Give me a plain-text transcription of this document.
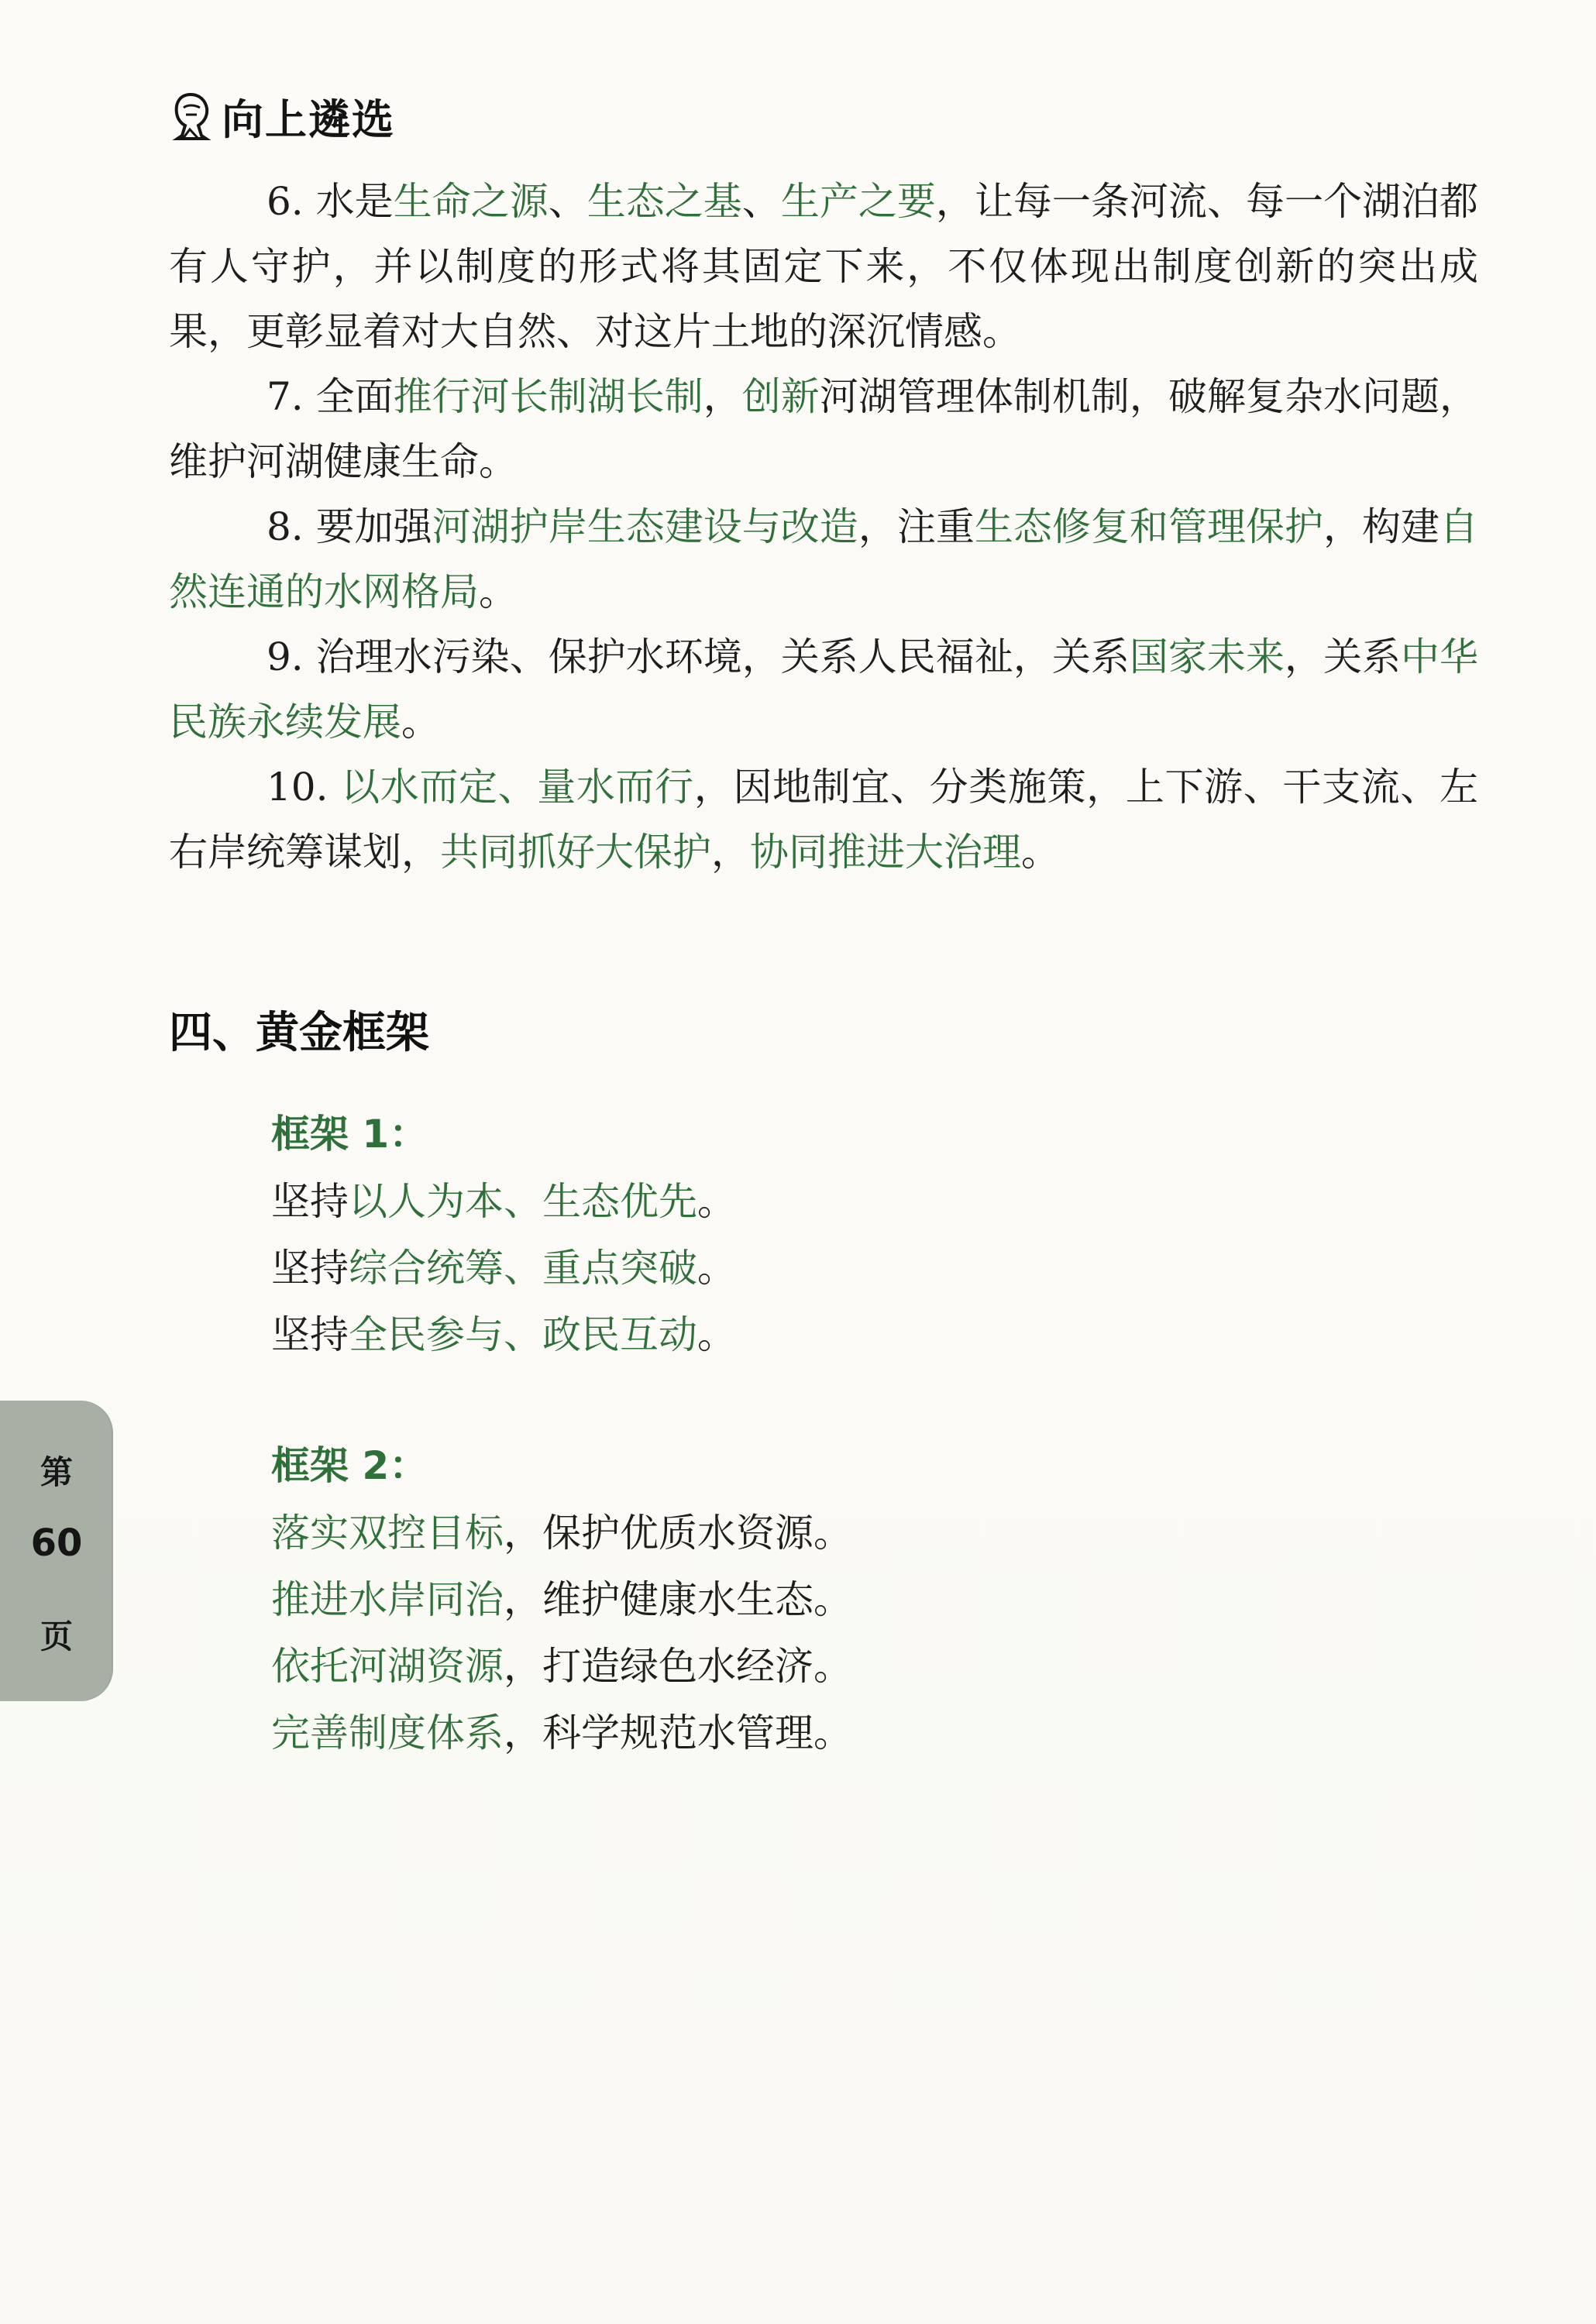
向上遴选

6. 水是生命之源、生态之基、生产之要，让每一条河流、每一个湖泊都有人守护，并以制度的形式将其固定下来，不仅体现出制度创新的突出成果，更彰显着对大自然、对这片土地的深沉情感。

7. 全面推行河长制湖长制，创新河湖管理体制机制，破解复杂水问题，维护河湖健康生命。

8. 要加强河湖护岸生态建设与改造，注重生态修复和管理保护，构建自然连通的水网格局。

9. 治理水污染、保护水环境，关系人民福祉，关系国家未来，关系中华民族永续发展。

10. 以水而定、量水而行，因地制宜、分类施策，上下游、干支流、左右岸统筹谋划，共同抓好大保护，协同推进大治理。

四、黄金框架
框架 1：
坚持以人为本、生态优先。
坚持综合统筹、重点突破。
坚持全民参与、政民互动。
框架 2：
落实双控目标，保护优质水资源。
推进水岸同治，维护健康水生态。
依托河湖资源，打造绿色水经济。
完善制度体系，科学规范水管理。
第
60
页
